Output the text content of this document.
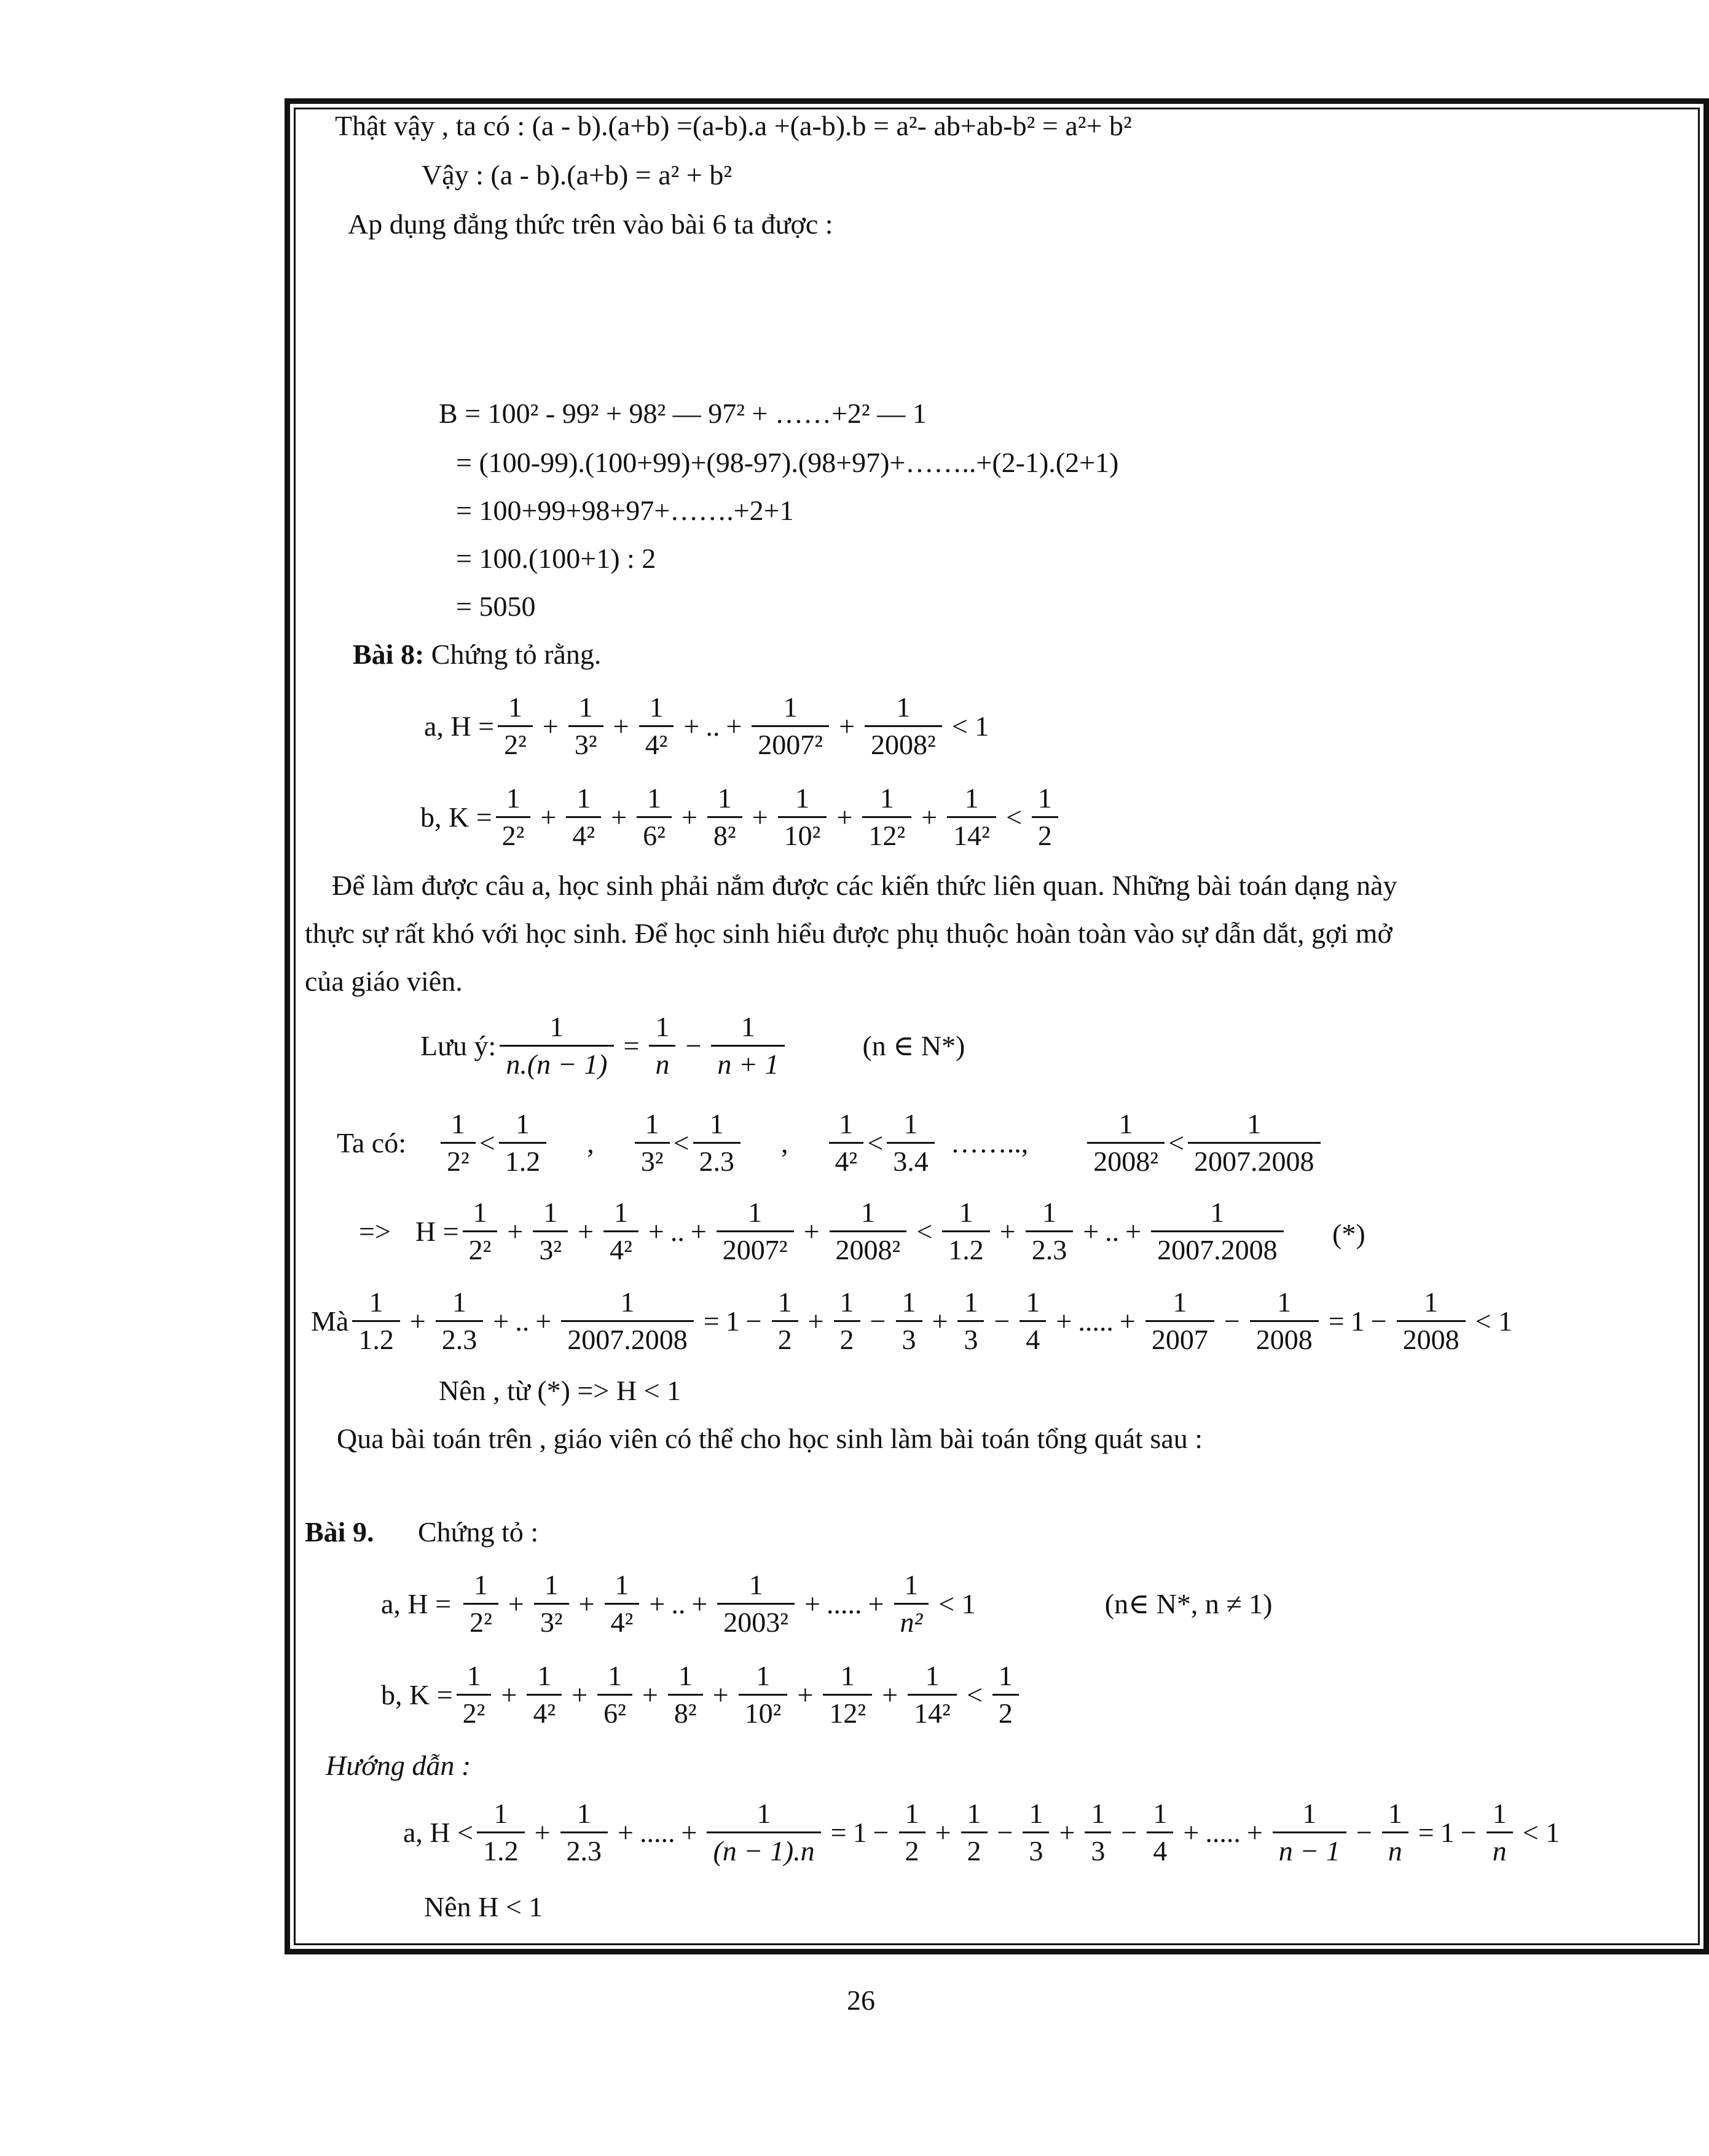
Thật vậy , ta có : (a - b).(a+b) =(a-b).a +(a-b).b = a²- ab+ab-b² = a²+ b²
Vậy : (a - b).(a+b) = a² + b²
Ap dụng đẳng thức trên vào bài 6 ta được :
B = 100² - 99² + 98² — 97² + ……+2² — 1
= (100-99).(100+99)+(98-97).(98+97)+……..+(2-1).(2+1)
= 100+99+98+97+…….+2+1
= 100.(100+1) : 2
= 5050
Bài 8: Chứng tỏ rằng.
a, $H = \frac{1}{\text{2²}} + \frac{1}{\text{3²}} + \frac{1}{\text{4²}}$ + .. + $\frac{1}{\text{2007²}} + \frac{1}{\text{2008²}} < 1$
b, $K = \frac{1}{\text{2²}} + \frac{1}{\text{4²}} + \frac{1}{\text{6²}} + \frac{1}{\text{8²}} + \frac{1}{\text{10²}} + \frac{1}{\text{12²}} + \frac{1}{\text{14²}} < \frac{1}{2}$
Để làm được câu a, học sinh phải nắm được các kiến thức liên quan. Những bài toán dạng này
thực sự rất khó với học sinh. Để học sinh hiểu được phụ thuộc hoàn toàn vào sự dẫn dắt, gợi mở
của giáo viên.
Lưu ý: $\frac{1}{n.(n - 1)} = \frac{1}{n} - \frac{1}{n + 1}$	(n ∈ N*)
Ta có: $\frac{1}{\text{2²}} < \frac{1}{1.2}$ , $\frac{1}{\text{3²}} < \frac{1}{2.3}$ , $\frac{1}{\text{4²}} < \frac{1}{3.4}$ …….., $\frac{1}{\text{2008²}} < \frac{1}{2007.2008}$
=> $H = \frac{1}{\text{2²}} + \frac{1}{\text{3²}} + \frac{1}{\text{4²}}$ + .. + $\frac{1}{\text{2007²}} + \frac{1}{\text{2008²}} < \frac{1}{1.2} + \frac{1}{2.3}$ + .. + $\frac{1}{2007.2008}$ (*)
Mà $\frac{1}{1.2} + \frac{1}{2.3}$ + .. + $\frac{1}{2007.2008} = 1 - \frac{1}{2} + \frac{1}{2} - \frac{1}{3} + \frac{1}{3} - \frac{1}{4}$ + ..... + $\frac{1}{2007} - \frac{1}{2008} = 1 - \frac{1}{2008} < 1$
Nên , từ (*) => H < 1
Qua bài toán trên , giáo viên có thể cho học sinh làm bài toán tổng quát sau :
Bài 9. Chứng tỏ :
a, $H = \frac{1}{\text{2²}} + \frac{1}{\text{3²}} + \frac{1}{\text{4²}}$ + .. + $\frac{1}{\text{2003²}}$ + ..... + $\frac{1}{\text{n²}} < 1$	(n∈ N*, n ≠ 1)
b, $K = \frac{1}{\text{2²}} + \frac{1}{\text{4²}} + \frac{1}{\text{6²}} + \frac{1}{\text{8²}} + \frac{1}{\text{10²}} + \frac{1}{\text{12²}} + \frac{1}{\text{14²}} < \frac{1}{2}$
Hướng dẫn :
a, $H < \frac{1}{1.2} + \frac{1}{2.3}$ + ..... + $\frac{1}{(n - 1).n} = 1 - \frac{1}{2} + \frac{1}{2} - \frac{1}{3} + \frac{1}{3} - \frac{1}{4}$ + ..... + $\frac{1}{n - 1} - \frac{1}{n} = 1 - \frac{1}{n} < 1$
Nên H < 1
26
